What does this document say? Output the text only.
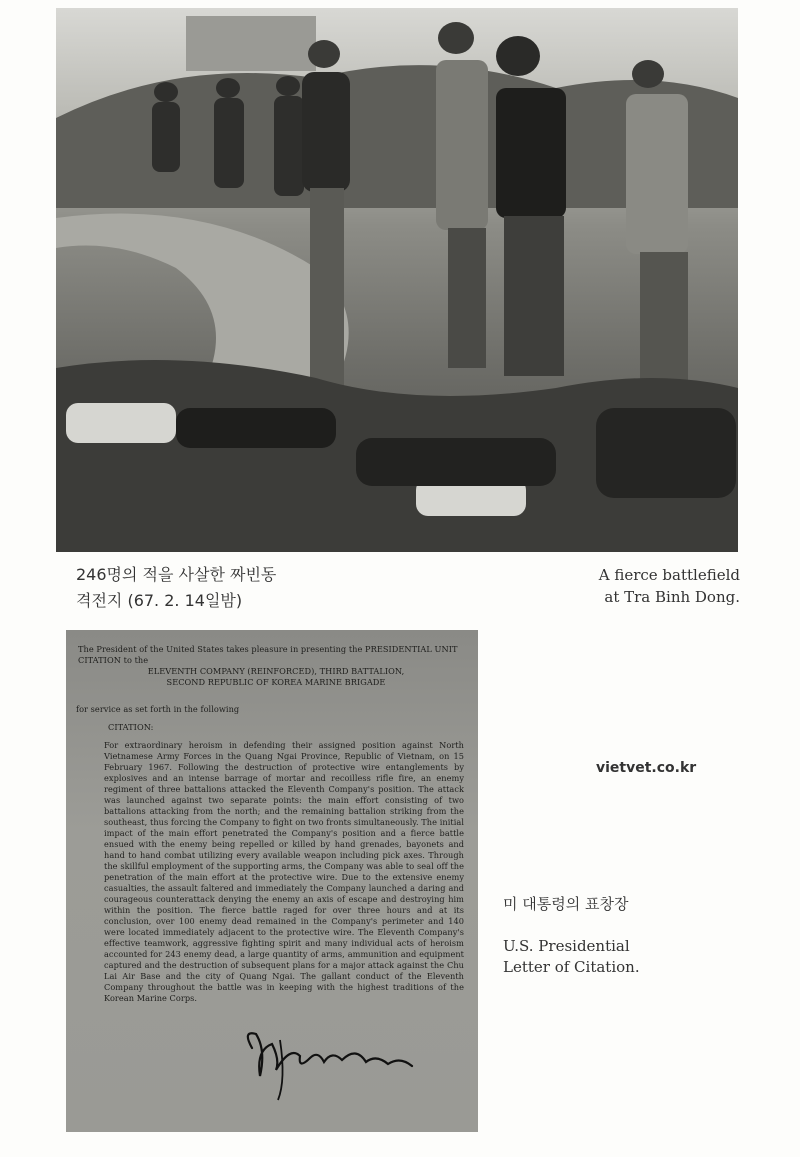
246명의 적을 사살한 짜빈동
격전지 (67. 2. 14일밤)
A fierce battlefield
at Tra Binh Dong.
The President of the United States takes pleasure in presenting the PRESIDENTIAL UNIT CITATION to the
ELEVENTH COMPANY (REINFORCED), THIRD BATTALION,
SECOND REPUBLIC OF KOREA MARINE BRIGADE
for service as set forth in the following
CITATION:
For extraordinary heroism in defending their assigned position against North Vietnamese Army Forces in the Quang Ngai Province, Republic of Vietnam, on 15 February 1967. Following the destruction of protective wire entanglements by explosives and an intense barrage of mortar and recoilless rifle fire, an enemy regiment of three battalions attacked the Eleventh Company's position. The attack was launched against two separate points: the main effort consisting of two battalions attacking from the north; and the remaining battalion striking from the southeast, thus forcing the Company to fight on two fronts simultaneously. The initial impact of the main effort penetrated the Company's position and a fierce battle ensued with the enemy being repelled or killed by hand grenades, bayonets and hand to hand combat utilizing every available weapon including pick axes. Through the skillful employment of the supporting arms, the Company was able to seal off the penetration of the main effort at the protective wire. Due to the extensive enemy casualties, the assault faltered and immediately the Company launched a daring and courageous counterattack denying the enemy an axis of escape and destroying him within the position. The fierce battle raged for over three hours and at its conclusion, over 100 enemy dead remained in the Company's perimeter and 140 were located immediately adjacent to the protective wire. The Eleventh Company's effective teamwork, aggressive fighting spirit and many individual acts of heroism accounted for 243 enemy dead, a large quantity of arms, ammunition and equipment captured and the destruction of subsequent plans for a major attack against the Chu Lai Air Base and the city of Quang Ngai. The gallant conduct of the Eleventh Company throughout the battle was in keeping with the highest traditions of the Korean Marine Corps.
vietvet.co.kr
미 대통령의 표창장
U.S. Presidential
Letter of Citation.
